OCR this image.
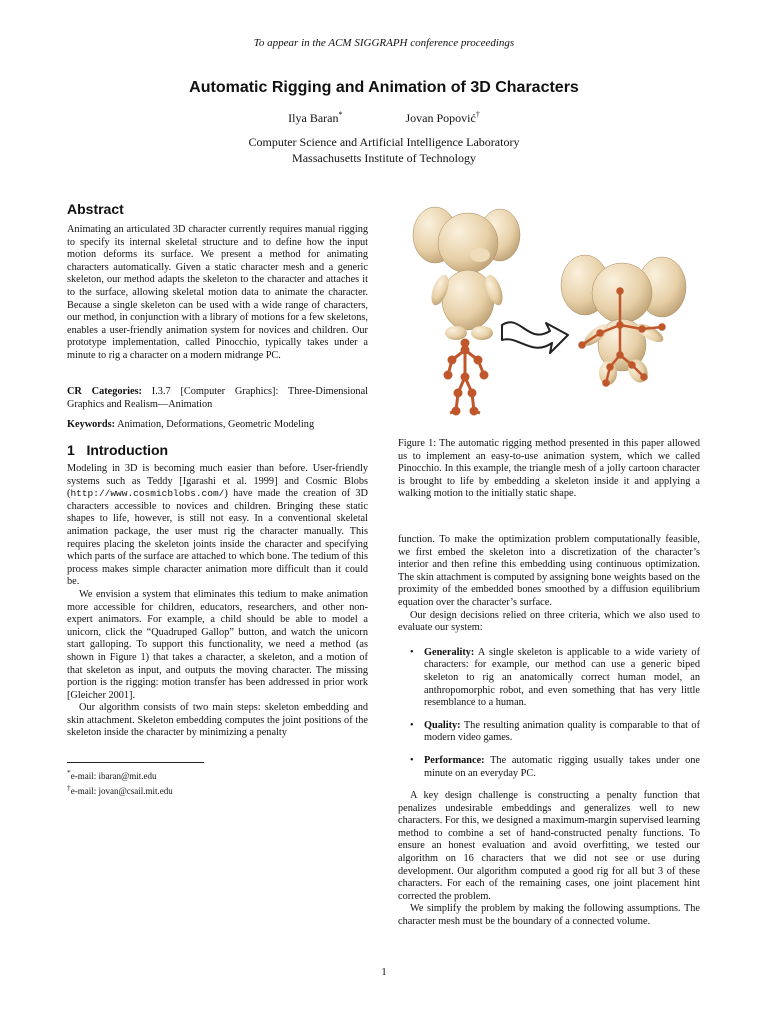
To appear in the ACM SIGGRAPH conference proceedings
Automatic Rigging and Animation of 3D Characters
Ilya Baran*	Jovan Popović†
Computer Science and Artificial Intelligence Laboratory
Massachusetts Institute of Technology
Abstract

Animating an articulated 3D character currently requires manual rigging to specify its internal skeletal structure and to define how the input motion deforms its surface. We present a method for animating characters automatically. Given a static character mesh and a generic skeleton, our method adapts the skeleton to the character and attaches it to the surface, allowing skeletal motion data to animate the character. Because a single skeleton can be used with a wide range of characters, our method, in conjunction with a library of motions for a few skeletons, enables a user-friendly animation system for novices and children. Our prototype implementation, called Pinocchio, typically takes under a minute to rig a character on a modern midrange PC.

CR Categories: I.3.7 [Computer Graphics]: Three-Dimensional Graphics and Realism—Animation

Keywords: Animation, Deformations, Geometric Modeling

1   Introduction

Modeling in 3D is becoming much easier than before. User-friendly systems such as Teddy [Igarashi et al. 1999] and Cosmic Blobs (http://www.cosmicblobs.com/) have made the creation of 3D characters accessible to novices and children. Bringing these static shapes to life, however, is still not easy. In a conventional skeletal animation package, the user must rig the character manually. This requires placing the skeleton joints inside the character and specifying which parts of the surface are attached to which bone. The tedium of this process makes simple character animation more difficult than it could be.

We envision a system that eliminates this tedium to make animation more accessible for children, educators, researchers, and other non-expert animators. For example, a child should be able to model a unicorn, click the “Quadruped Gallop” button, and watch the unicorn start galloping. To support this functionality, we need a method (as shown in Figure 1) that takes a character, a skeleton, and a motion of that skeleton as input, and outputs the moving character. The missing portion is the rigging: motion transfer has been addressed in prior work [Gleicher 2001].

Our algorithm consists of two main steps: skeleton embedding and skin attachment. Skeleton embedding computes the joint positions of the skeleton inside the character by minimizing a penalty

*e-mail: ibaran@mit.edu
†e-mail: jovan@csail.mit.edu

Figure 1: The automatic rigging method presented in this paper allowed us to implement an easy-to-use animation system, which we called Pinocchio. In this example, the triangle mesh of a jolly cartoon character is brought to life by embedding a skeleton inside it and applying a walking motion to the initially static shape.

function. To make the optimization problem computationally feasible, we first embed the skeleton into a discretization of the character’s interior and then refine this embedding using continuous optimization. The skin attachment is computed by assigning bone weights based on the proximity of the embedded bones smoothed by a diffusion equilibrium equation over the character’s surface.

Our design decisions relied on three criteria, which we also used to evaluate our system:

• Generality: A single skeleton is applicable to a wide variety of characters: for example, our method can use a generic biped skeleton to rig an anatomically correct human model, an anthropomorphic robot, and even something that has very little resemblance to a human.
• Quality: The resulting animation quality is comparable to that of modern video games.
• Performance: The automatic rigging usually takes under one minute on an everyday PC.

A key design challenge is constructing a penalty function that penalizes undesirable embeddings and generalizes well to new characters. For this, we designed a maximum-margin supervised learning method to combine a set of hand-constructed penalty functions. To ensure an honest evaluation and avoid overfitting, we tested our algorithm on 16 characters that we did not see or use during development. Our algorithm computed a good rig for all but 3 of these characters. For each of the remaining cases, one joint placement hint corrected the problem.

We simplify the problem by making the following assumptions. The character mesh must be the boundary of a connected volume.

1
